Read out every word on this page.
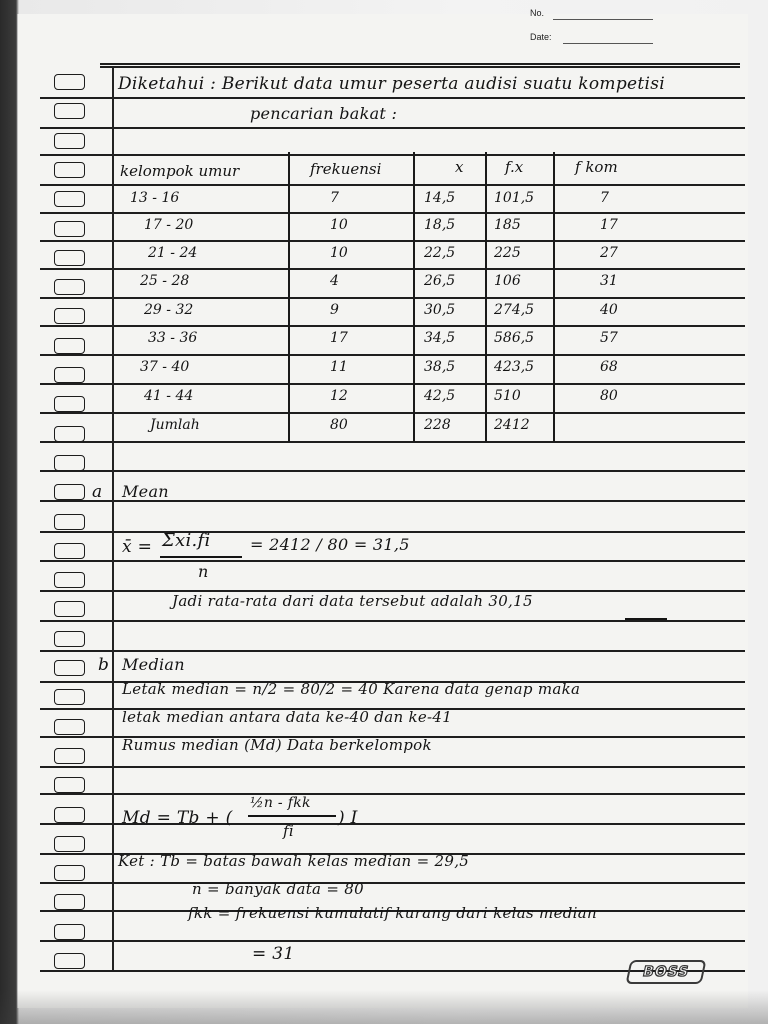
No.
Date:
Diketahui : Berikut data umur peserta audisi suatu kompetisi
pencarian bakat :
kelompok umur	frekuensi	x	f.x	f kom
13 - 16	7	14,5	101,5	7
17 - 20	10	18,5	185	17
21 - 24	10	22,5	225	27
25 - 28	4	26,5	106	31
29 - 32	9	30,5	274,5	40
33 - 36	17	34,5	586,5	57
37 - 40	11	38,5	423,5	68
41 - 44	12	42,5	510	80
Jumlah	80	228	2412
a Mean
x̄ = Σxi.fi
n
= 2412 / 80 = 31,5
Jadi rata-rata dari data tersebut adalah 30,15
b Median
Letak median = n/2 = 80/2 = 40 Karena data genap maka
letak median antara data ke-40 dan ke-41
Rumus median (Md) Data berkelompok
Md = Tb + (
½n - fkk
fi
) I
Ket : Tb = batas bawah kelas median = 29,5
n = banyak data = 80
fkk = frekuensi kumulatif kurang dari kelas median
= 31
BOSS
